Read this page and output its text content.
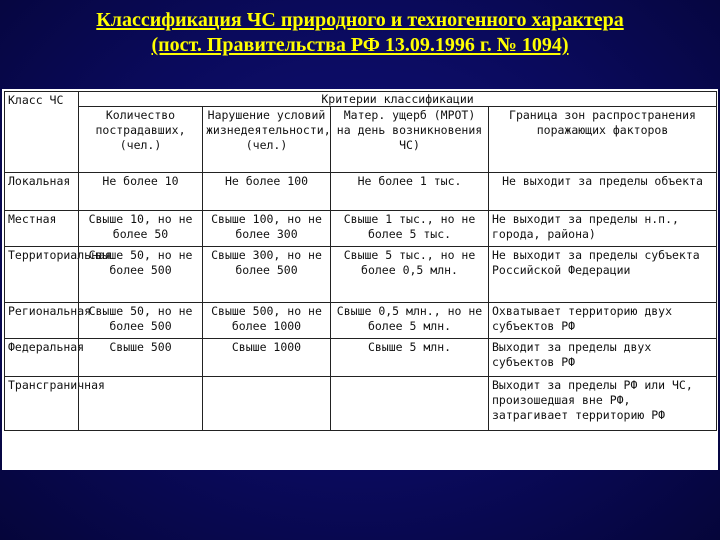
Классификация ЧС природного и техногенного характера
(пост. Правительства РФ 13.09.1996 г. № 1094)
Класс ЧС	Критерии классификации			
	Количество пострадавших, (чел.)	Нарушение условий жизнедеятельности, (чел.)	Матер. ущерб (МРОТ) на день возникновения ЧС)	Граница зон распространения поражающих факторов
Локальная	Не более 10	Не более 100	Не более 1 тыс.	Не выходит за пределы объекта
Местная	Свыше 10, но не более 50	Свыше 100, но не более 300	Свыше 1 тыс., но не более 5 тыс.	Не выходит за пределы н.п., города, района)
Территориальная	Свыше 50, но не более 500	Свыше 300, но не более 500	Свыше 5 тыс., но не более 0,5 млн.	Не выходит за пределы субъекта Российской Федерации
Региональная	Свыше 50, но не более 500	Свыше 500, но не более 1000	Свыше 0,5 млн., но не более 5 млн.	Охватывает территорию двух субъектов РФ
Федеральная	Свыше 500	Свыше 1000	Свыше 5 млн.	Выходит за пределы двух субъектов РФ
Трансграничная				Выходит за пределы РФ или ЧС, произошедшая вне РФ, затрагивает территорию РФ
